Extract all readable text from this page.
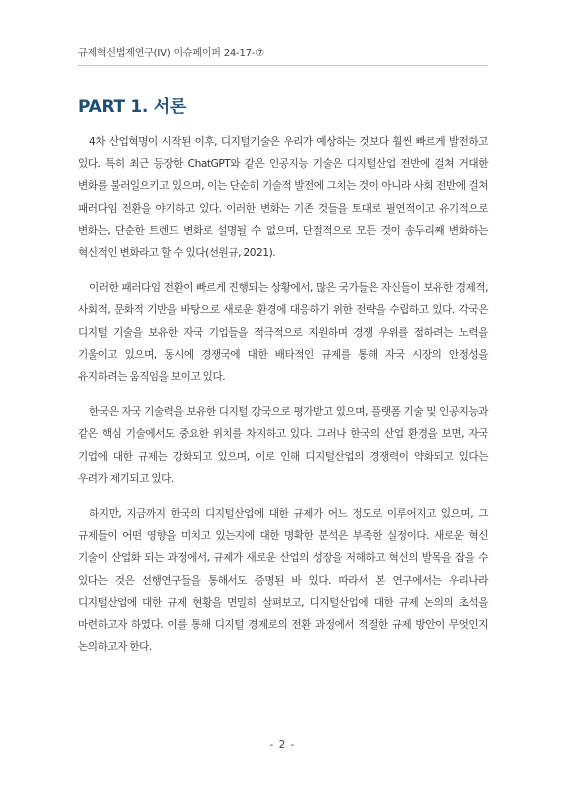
규제혁신법제연구(IV) 이슈페이퍼 24-17-⑦
PART 1. 서론

4차 산업혁명이 시작된 이후, 디지털기술은 우리가 예상하는 것보다 훨씬 빠르게 발전하고 있다. 특히 최근 등장한 ChatGPT와 같은 인공지능 기술은 디지털산업 전반에 걸쳐 거대한 변화를 불러일으키고 있으며, 이는 단순히 기술적 발전에 그치는 것이 아니라 사회 전반에 걸쳐 패러다임 전환을 야기하고 있다. 이러한 변화는 기존 것들을 토대로 필연적이고 유기적으로 변화는, 단순한 트렌드 변화로 설명될 수 없으며, 단절적으로 모든 것이 송두리째 변화하는 혁신적인 변화라고 할 수 있다(선원규, 2021).

이러한 패러다임 전환이 빠르게 진행되는 상황에서, 많은 국가들은 자신들이 보유한 경제적, 사회적, 문화적 기반을 바탕으로 새로운 환경에 대응하기 위한 전략을 수립하고 있다. 각국은 디지털 기술을 보유한 자국 기업들을 적극적으로 지원하며 경쟁 우위를 점하려는 노력을 기울이고 있으며, 동시에 경쟁국에 대한 배타적인 규제를 통해 자국 시장의 안정성을 유지하려는 움직임을 보이고 있다.

한국은 자국 기술력을 보유한 디지털 강국으로 평가받고 있으며, 플랫폼 기술 및 인공지능과 같은 핵심 기술에서도 중요한 위치를 차지하고 있다. 그러나 한국의 산업 환경을 보면, 자국 기업에 대한 규제는 강화되고 있으며, 이로 인해 디지털산업의 경쟁력이 약화되고 있다는 우려가 제기되고 있다.

하지만, 지금까지 한국의 디지털산업에 대한 규제가 어느 정도로 이루어지고 있으며, 그 규제들이 어떤 영향을 미치고 있는지에 대한 명확한 분석은 부족한 실정이다. 새로운 혁신 기술이 산업화 되는 과정에서, 규제가 새로운 산업의 성장을 저해하고 혁신의 발목을 잡을 수 있다는 것은 선행연구들을 통해서도 증명된 바 있다. 따라서 본 연구에서는 우리나라 디지털산업에 대한 규제 현황을 면밀히 살펴보고, 디지털산업에 대한 규제 논의의 초석을 마련하고자 하였다. 이를 통해 디지털 경제로의 전환 과정에서 적절한 규제 방안이 무엇인지 논의하고자 한다.

- 2 -
